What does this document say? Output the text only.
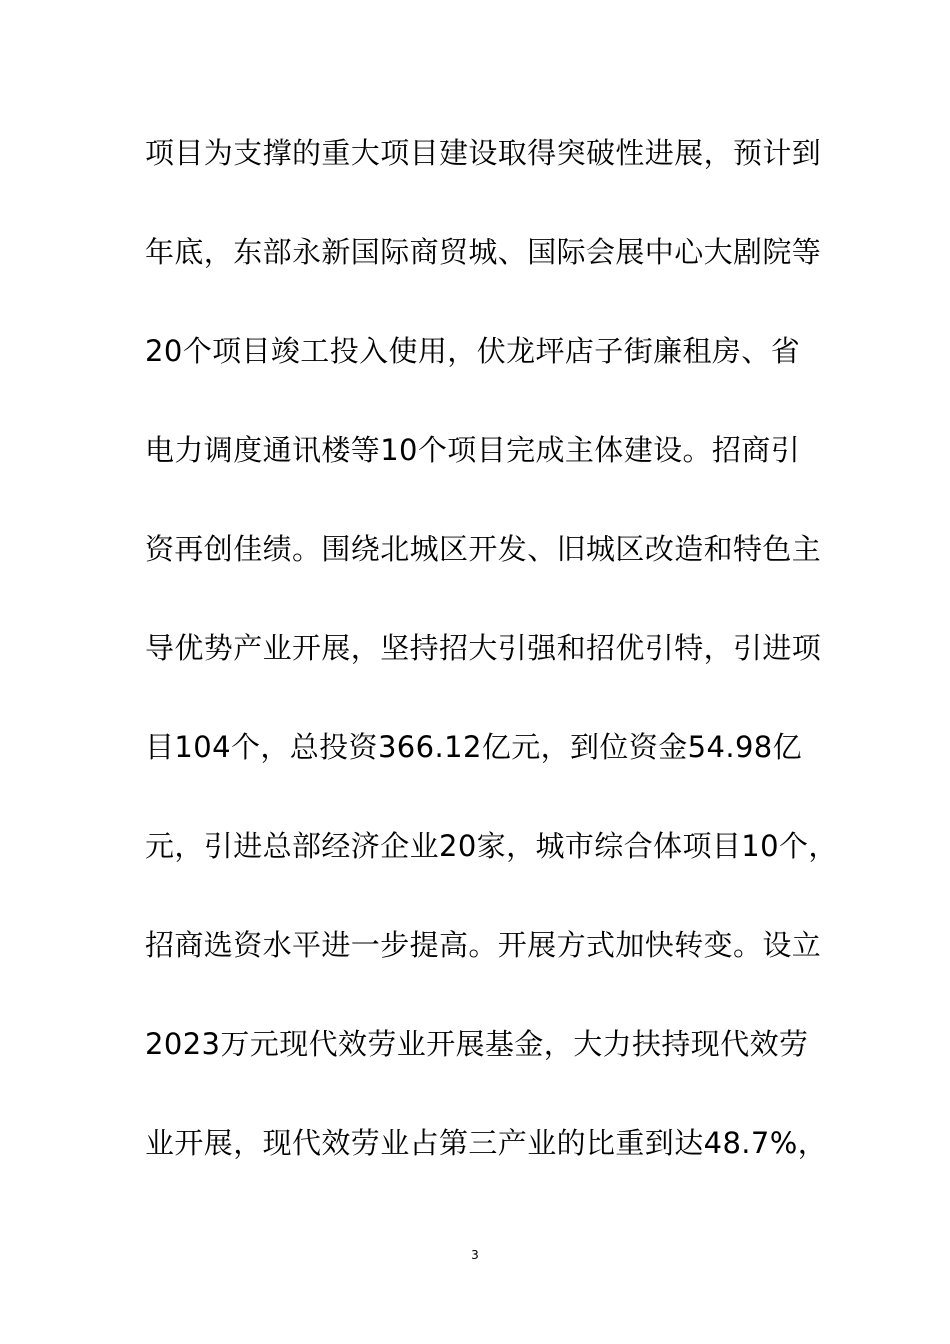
项目为支撑的重大项目建设取得突破性进展，预计到
年底，东部永新国际商贸城、国际会展中心大剧院等
20个项目竣工投入使用，伏龙坪店子街廉租房、省
电力调度通讯楼等10个项目完成主体建设。招商引
资再创佳绩。围绕北城区开发、旧城区改造和特色主
导优势产业开展，坚持招大引强和招优引特，引进项
目104个，总投资366.12亿元，到位资金54.98亿
元，引进总部经济企业20家，城市综合体项目10个，
招商选资水平进一步提高。开展方式加快转变。设立
2023万元现代效劳业开展基金，大力扶持现代效劳
业开展，现代效劳业占第三产业的比重到达48.7%，
3
